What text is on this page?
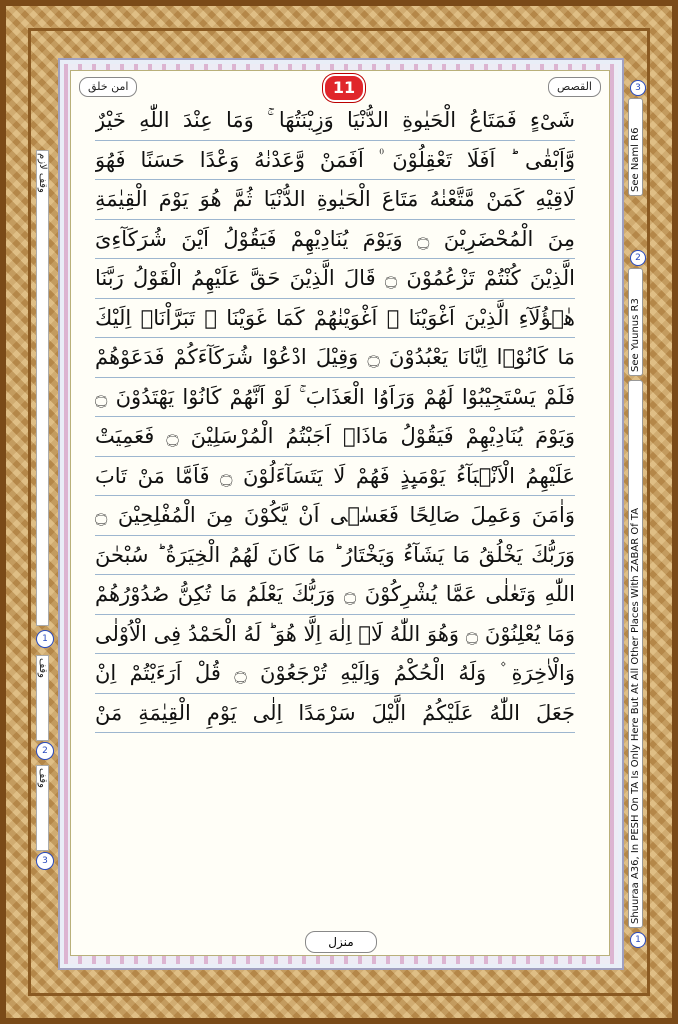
امن خلق	11	القصص
شَیْءٍ فَمَتَاعُ الْحَیٰوةِ الدُّنْیَا وَزِیْنَتُهَا ۚ وَمَا عِنْدَ اللّٰهِ خَیْرٌ
وَّاَبْقٰى ؕ اَفَلَا تَعْقِلُوْنَ ۠ اَفَمَنْ وَّعَدْنٰهُ وَعْدًا حَسَنًا فَهُوَ
لَاقِیْهِ كَمَنْ مَّتَّعْنٰهُ مَتَاعَ الْحَیٰوةِ الدُّنْیَا ثُمَّ هُوَ یَوْمَ الْقِیٰمَةِ
مِنَ الْمُحْضَرِیْنَ ۝ وَیَوْمَ یُنَادِیْهِمْ فَیَقُوْلُ اَیْنَ شُرَكَآءِیَ
الَّذِیْنَ كُنْتُمْ تَزْعُمُوْنَ ۝ قَالَ الَّذِیْنَ حَقَّ عَلَیْهِمُ الْقَوْلُ رَبَّنَا
هٰۤؤُلَآءِ الَّذِیْنَ اَغْوَیْنَا ۚ اَغْوَیْنٰهُمْ كَمَا غَوَیْنَا ۚ تَبَرَّاْنَاۤ اِلَیْكَ
مَا كَانُوْۤا اِیَّانَا یَعْبُدُوْنَ ۝ وَقِیْلَ ادْعُوْا شُرَكَآءَكُمْ فَدَعَوْهُمْ
فَلَمْ یَسْتَجِیْبُوْا لَهُمْ وَرَاَوُا الْعَذَابَ ۚ لَوْ اَنَّهُمْ كَانُوْا یَهْتَدُوْنَ ۝
وَیَوْمَ یُنَادِیْهِمْ فَیَقُوْلُ مَاذَاۤ اَجَبْتُمُ الْمُرْسَلِیْنَ ۝ فَعَمِیَتْ
عَلَیْهِمُ الْاَنْۢبَآءُ یَوْمَىِٕذٍ فَهُمْ لَا یَتَسَآءَلُوْنَ ۝ فَاَمَّا مَنْ تَابَ
وَاٰمَنَ وَعَمِلَ صَالِحًا فَعَسٰۤى اَنْ یَّكُوْنَ مِنَ الْمُفْلِحِیْنَ ۝
وَرَبُّكَ یَخْلُقُ مَا یَشَآءُ وَیَخْتَارُ ؕ مَا كَانَ لَهُمُ الْخِیَرَةُ ؕ سُبْحٰنَ
اللّٰهِ وَتَعٰلٰى عَمَّا یُشْرِكُوْنَ ۝ وَرَبُّكَ یَعْلَمُ مَا تُكِنُّ صُدُوْرُهُمْ
وَمَا یُعْلِنُوْنَ ۝ وَهُوَ اللّٰهُ لَاۤ اِلٰهَ اِلَّا هُوَ ؕ لَهُ الْحَمْدُ فِی الْاُوْلٰى
وَالْاٰخِرَةِ ۫ وَلَهُ الْحُكْمُ وَاِلَیْهِ تُرْجَعُوْنَ ۝ قُلْ اَرَءَیْتُمْ اِنْ
جَعَلَ اللّٰهُ عَلَیْكُمُ الَّیْلَ سَرْمَدًا اِلٰى یَوْمِ الْقِیٰمَةِ مَنْ
منزل
3
See Naml R6
2
See Yuunus R3
Shuuraa A36, In PESH On TA Is Only Here But At All Other Places With ZABAR Of TA
1
وقف لازم
1
وقف
2
وقف
3
